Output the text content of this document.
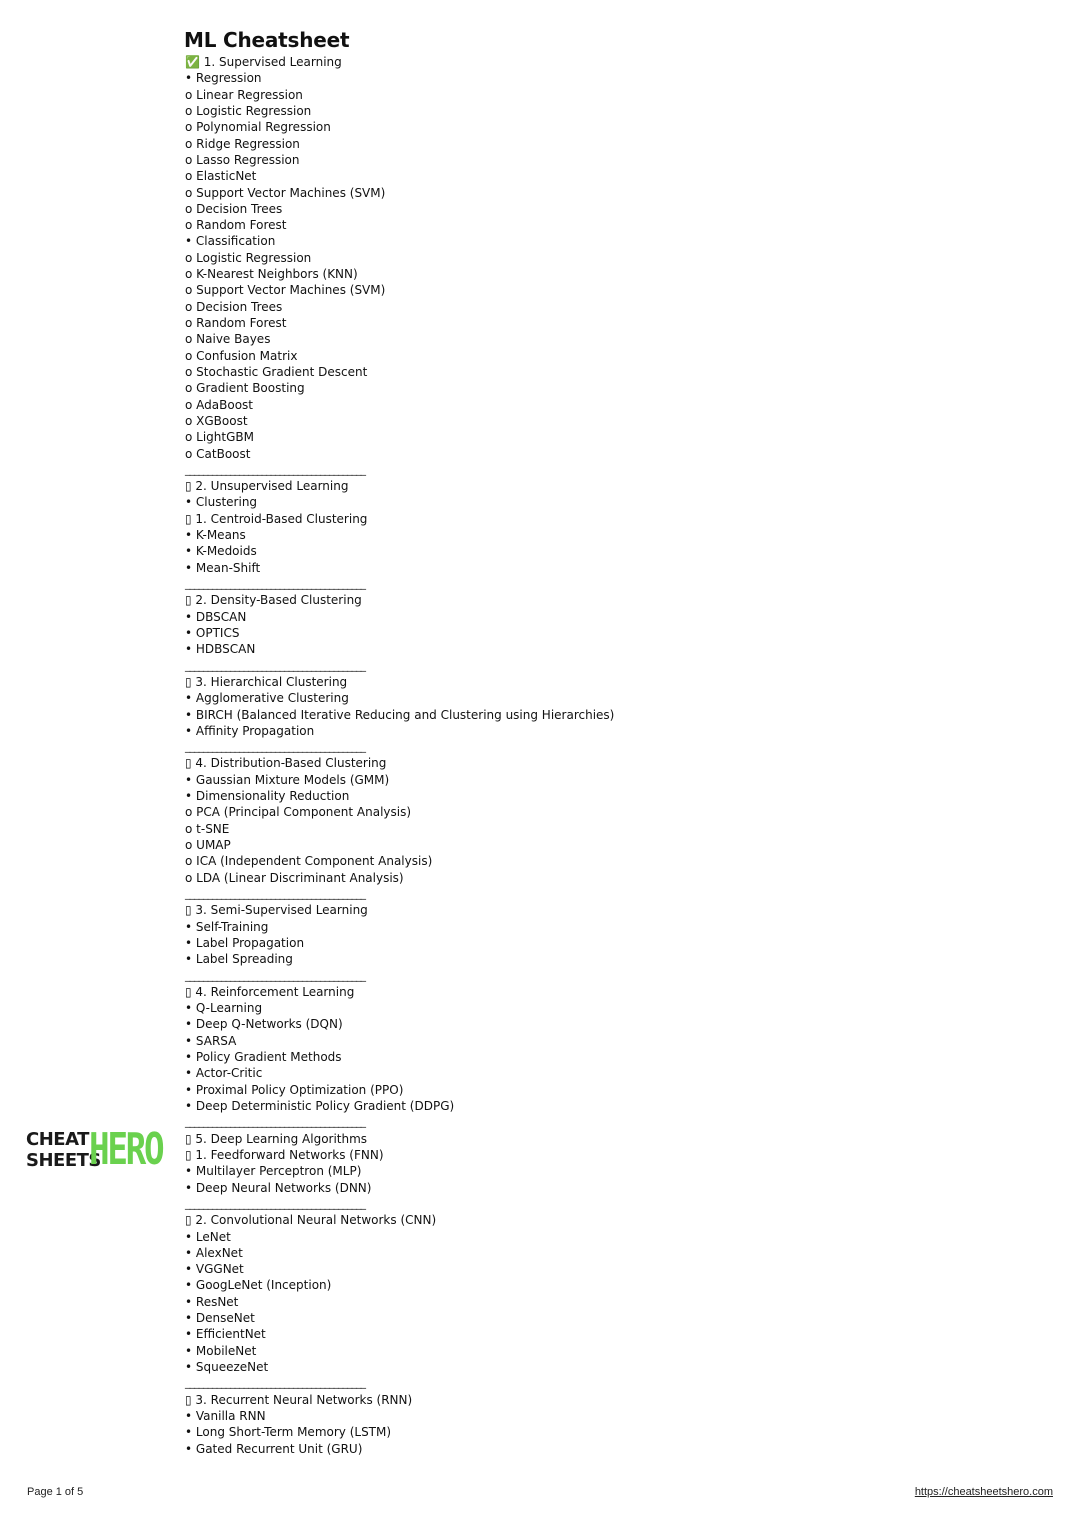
ML Cheatsheet
✅ 1. Supervised Learning
• Regression
o Linear Regression
o Logistic Regression
o Polynomial Regression
o Ridge Regression
o Lasso Regression
o ElasticNet
o Support Vector Machines (SVM)
o Decision Trees
o Random Forest
• Classification
o Logistic Regression
o K-Nearest Neighbors (KNN)
o Support Vector Machines (SVM)
o Decision Trees
o Random Forest
o Naive Bayes
o Confusion Matrix
o Stochastic Gradient Descent
o Gradient Boosting
o AdaBoost
o XGBoost
o LightGBM
o CatBoost
________________________________________
▯ 2. Unsupervised Learning
• Clustering
▯ 1. Centroid-Based Clustering
• K-Means
• K-Medoids
• Mean-Shift
________________________________________
▯ 2. Density-Based Clustering
• DBSCAN
• OPTICS
• HDBSCAN
________________________________________
▯ 3. Hierarchical Clustering
• Agglomerative Clustering
• BIRCH (Balanced Iterative Reducing and Clustering using Hierarchies)
• Affinity Propagation
________________________________________
▯ 4. Distribution-Based Clustering
• Gaussian Mixture Models (GMM)
• Dimensionality Reduction
o PCA (Principal Component Analysis)
o t-SNE
o UMAP
o ICA (Independent Component Analysis)
o LDA (Linear Discriminant Analysis)
________________________________________
▯ 3. Semi-Supervised Learning
• Self-Training
• Label Propagation
• Label Spreading
________________________________________
▯ 4. Reinforcement Learning
• Q-Learning
• Deep Q-Networks (DQN)
• SARSA
• Policy Gradient Methods
• Actor-Critic
• Proximal Policy Optimization (PPO)
• Deep Deterministic Policy Gradient (DDPG)
________________________________________
▯ 5. Deep Learning Algorithms
▯ 1. Feedforward Networks (FNN)
• Multilayer Perceptron (MLP)
• Deep Neural Networks (DNN)
________________________________________
▯ 2. Convolutional Neural Networks (CNN)
• LeNet
• AlexNet
• VGGNet
• GoogLeNet (Inception)
• ResNet
• DenseNet
• EfficientNet
• MobileNet
• SqueezeNet
________________________________________
▯ 3. Recurrent Neural Networks (RNN)
• Vanilla RNN
• Long Short-Term Memory (LSTM)
• Gated Recurrent Unit (GRU)
CHEAT
SHEETS
HERO
Page 1 of 5	https://cheatsheetshero.com
